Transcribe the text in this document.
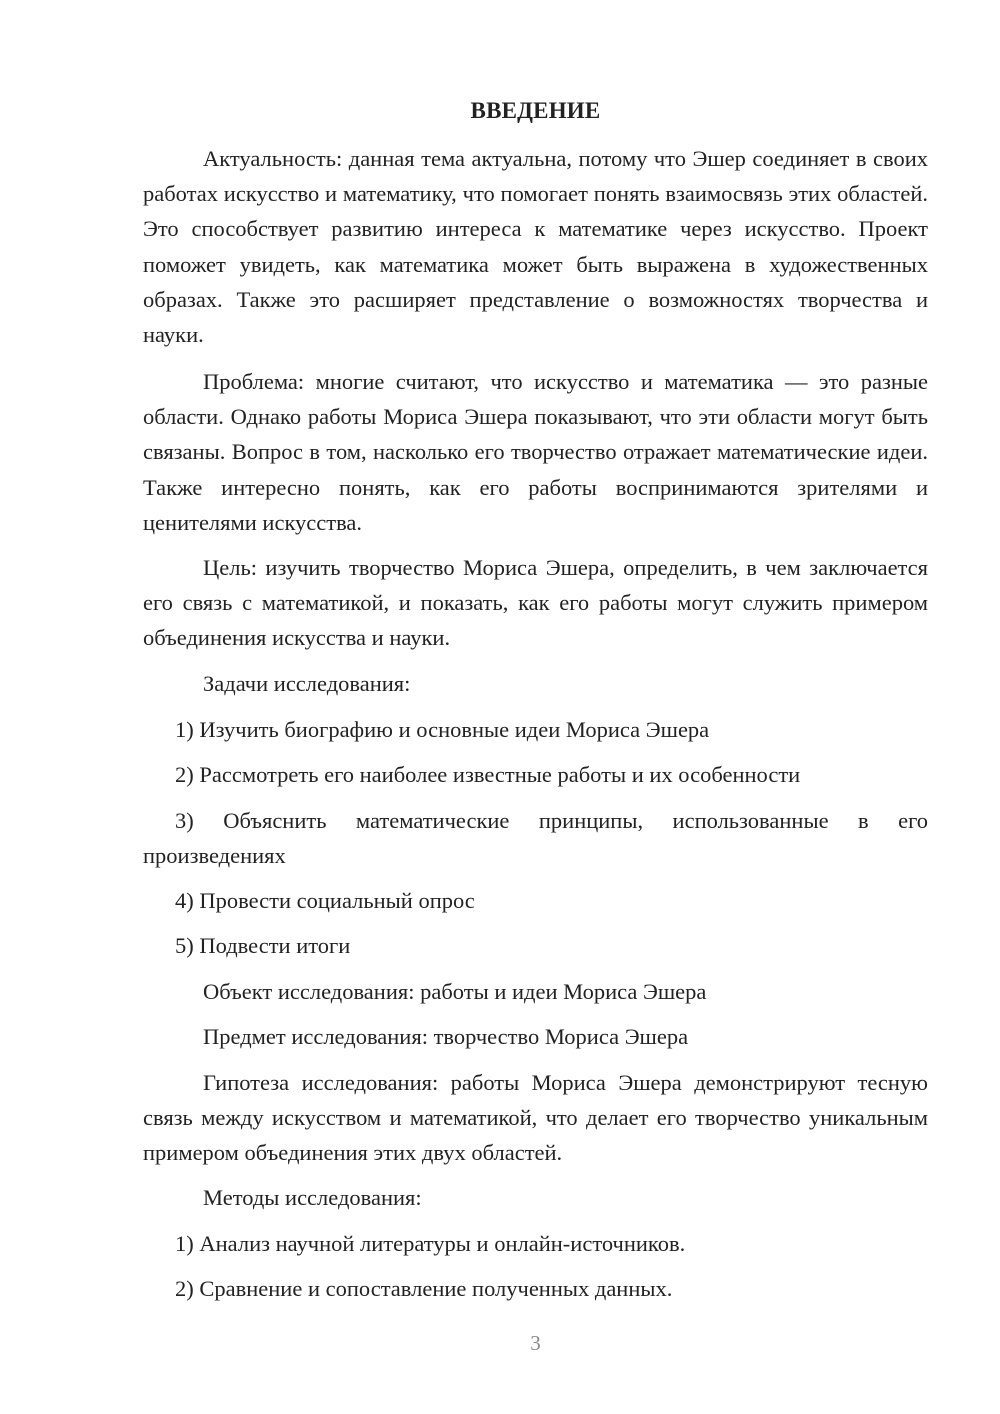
ВВЕДЕНИЕ

Актуальность: данная тема актуальна, потому что Эшер соединяет в своих работах искусство и математику, что помогает понять взаимосвязь этих областей. Это способствует развитию интереса к математике через искусство. Проект поможет увидеть, как математика может быть выражена в художественных образах. Также это расширяет представление о возможностях творчества и науки.

Проблема: многие считают, что искусство и математика — это разные области. Однако работы Мориса Эшера показывают, что эти области могут быть связаны. Вопрос в том, насколько его творчество отражает математические идеи. Также интересно понять, как его работы воспринимаются зрителями и ценителями искусства.

Цель: изучить творчество Мориса Эшера, определить, в чем заключается его связь с математикой, и показать, как его работы могут служить примером объединения искусства и науки.

Задачи исследования:

1) Изучить биографию и основные идеи Мориса Эшера

2) Рассмотреть его наиболее известные работы и их особенности

3) Объяснить математические принципы, использованные в его произведениях

4) Провести социальный опрос

5) Подвести итоги

Объект исследования: работы и идеи Мориса Эшера

Предмет исследования: творчество Мориса Эшера

Гипотеза исследования: работы Мориса Эшера демонстрируют тесную связь между искусством и математикой, что делает его творчество уникальным примером объединения этих двух областей.

Методы исследования:

1) Анализ научной литературы и онлайн-источников.

2) Сравнение и сопоставление полученных данных.

3
